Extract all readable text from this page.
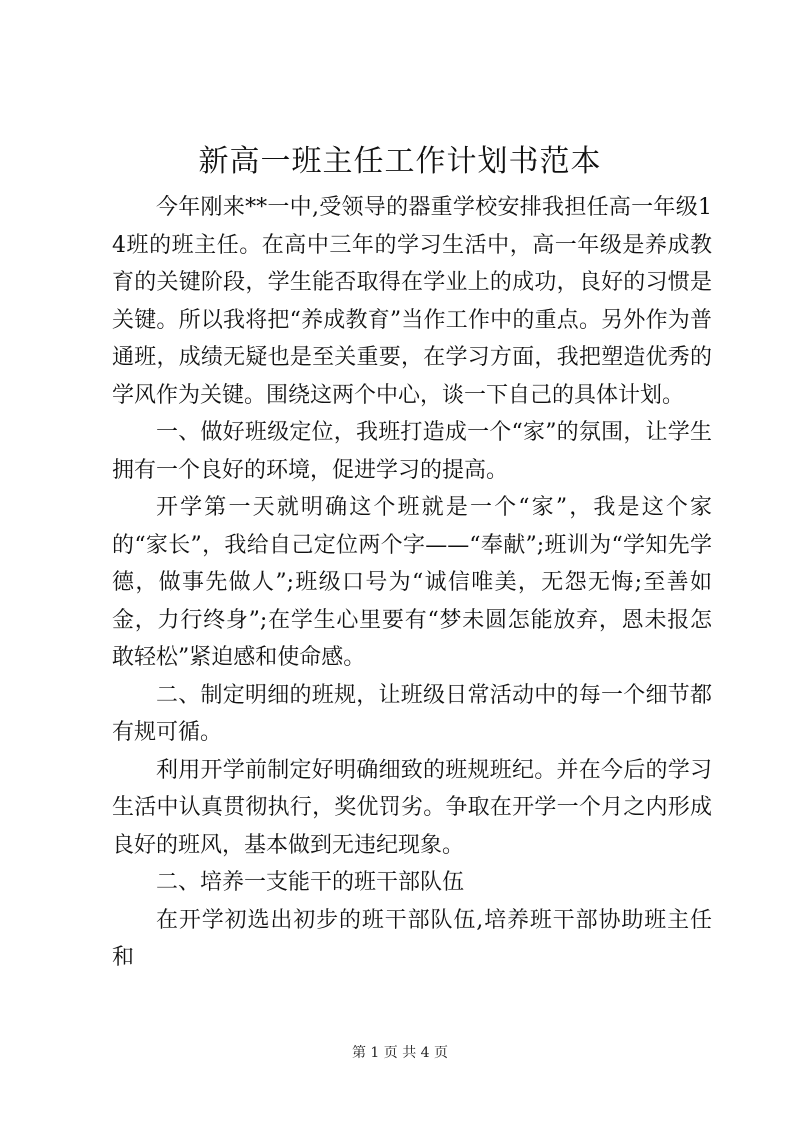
新高一班主任工作计划书范本

今年刚来**一中,受领导的器重学校安排我担任高一年级14班的班主任。在高中三年的学习生活中，高一年级是养成教育的关键阶段，学生能否取得在学业上的成功，良好的习惯是关键。所以我将把“养成教育”当作工作中的重点。另外作为普通班，成绩无疑也是至关重要，在学习方面，我把塑造优秀的学风作为关键。围绕这两个中心，谈一下自己的具体计划。

一、做好班级定位，我班打造成一个“家”的氛围，让学生拥有一个良好的环境，促进学习的提高。

开学第一天就明确这个班就是一个“家”，我是这个家的“家长”，我给自己定位两个字——“奉献”;班训为“学知先学德，做事先做人”;班级口号为“诚信唯美，无怨无悔;至善如金，力行终身”;在学生心里要有“梦未圆怎能放弃，恩未报怎敢轻松”紧迫感和使命感。

二、制定明细的班规，让班级日常活动中的每一个细节都有规可循。

利用开学前制定好明确细致的班规班纪。并在今后的学习生活中认真贯彻执行，奖优罚劣。争取在开学一个月之内形成良好的班风，基本做到无违纪现象。

二、培养一支能干的班干部队伍

在开学初选出初步的班干部队伍,培养班干部协助班主任和

第 1 页 共 4 页
